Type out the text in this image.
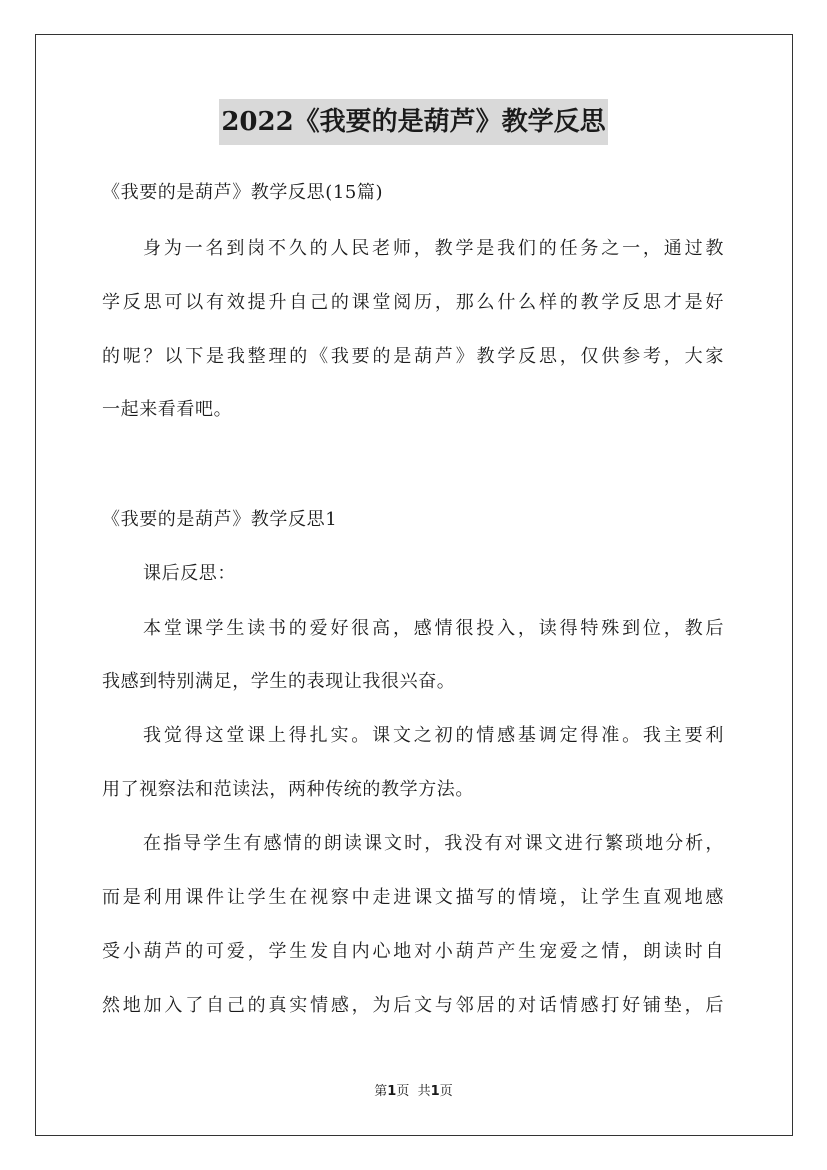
2022《我要的是葫芦》教学反思
《我要的是葫芦》教学反思(15篇)
身为一名到岗不久的人民老师，教学是我们的任务之一，通过教
学反思可以有效提升自己的课堂阅历，那么什么样的教学反思才是好
的呢？以下是我整理的《我要的是葫芦》教学反思，仅供参考，大家
一起来看看吧。
《我要的是葫芦》教学反思1
课后反思：
本堂课学生读书的爱好很高，感情很投入，读得特殊到位，教后
我感到特别满足，学生的表现让我很兴奋。
我觉得这堂课上得扎实。课文之初的情感基调定得准。我主要利
用了视察法和范读法，两种传统的教学方法。
在指导学生有感情的朗读课文时，我没有对课文进行繁琐地分析，
而是利用课件让学生在视察中走进课文描写的情境，让学生直观地感
受小葫芦的可爱，学生发自内心地对小葫芦产生宠爱之情，朗读时自
然地加入了自己的真实情感，为后文与邻居的对话情感打好铺垫，后
第1页 共1页
